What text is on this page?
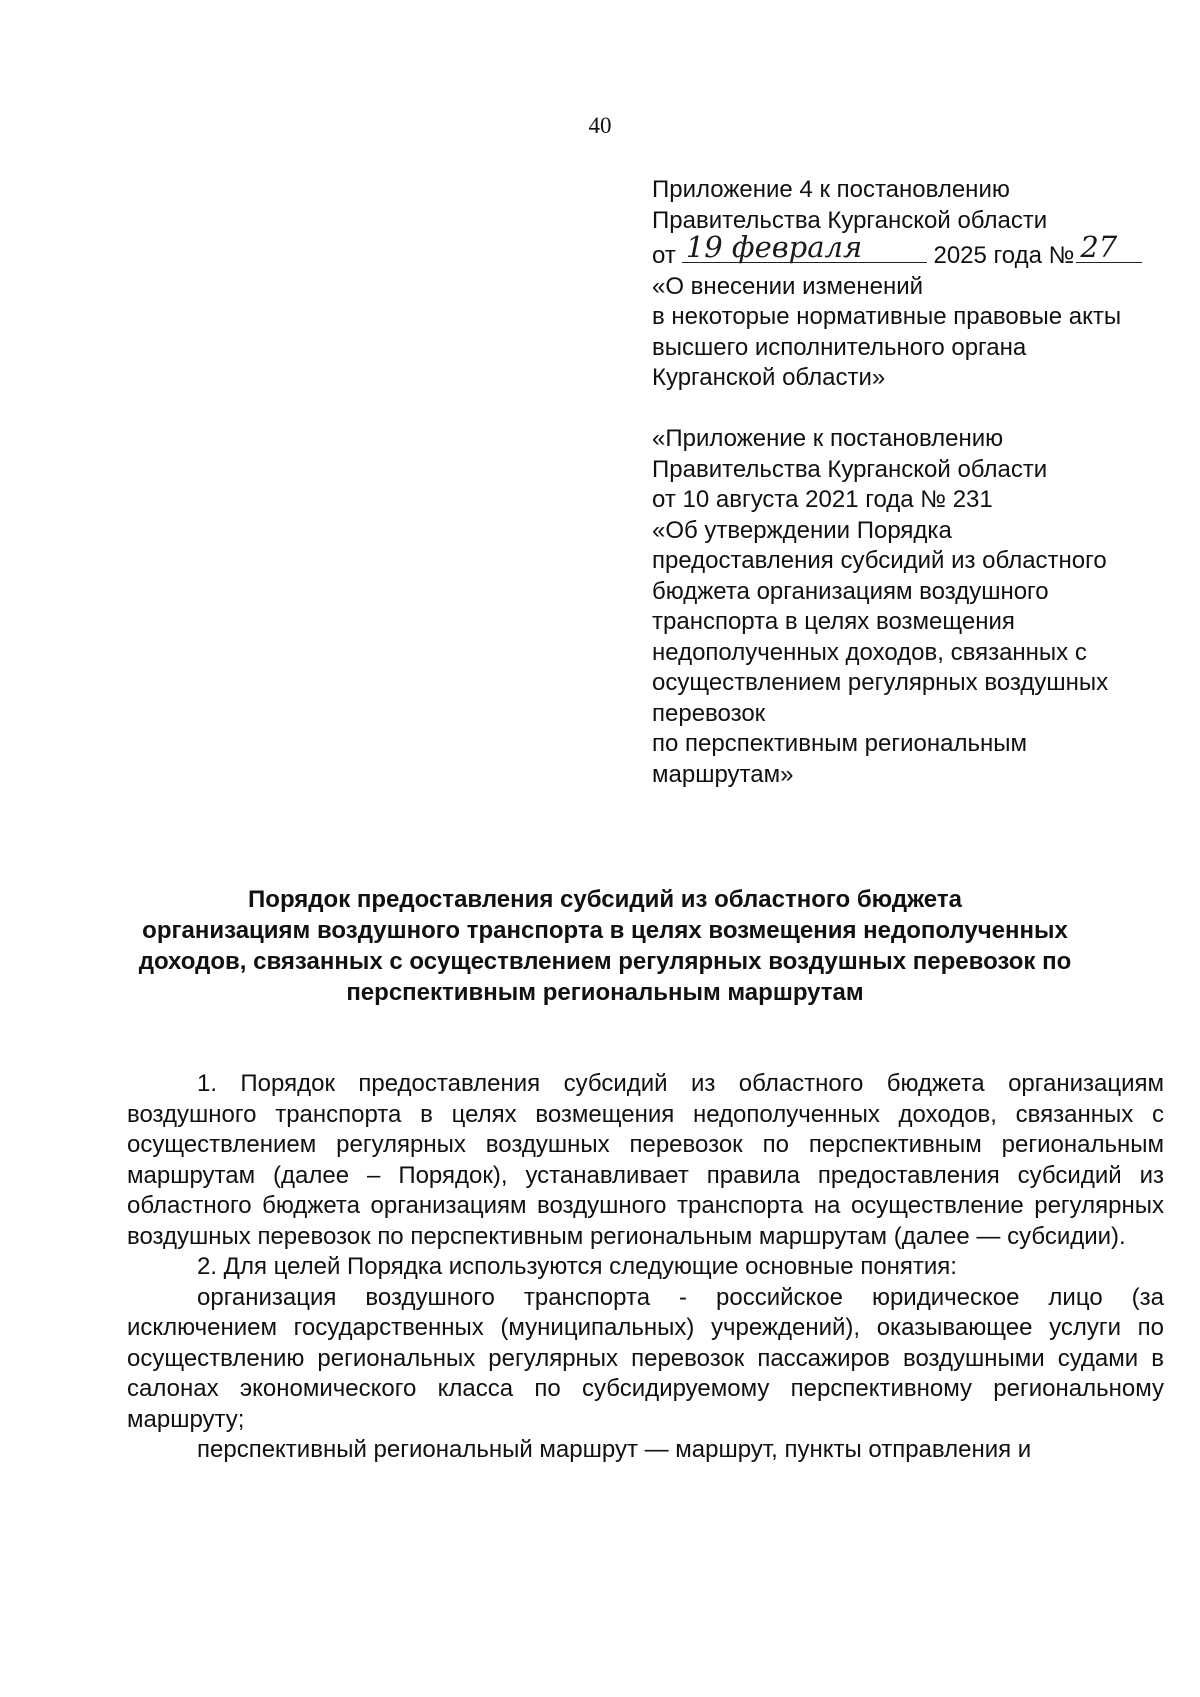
40
Приложение 4 к постановлению
Правительства Курганской области
от 19 февраля	2025 года № 27
«О внесении изменений
в некоторые нормативные правовые акты
высшего исполнительного органа
Курганской области»
«Приложение к постановлению
Правительства Курганской области
от 10 августа 2021 года № 231
«Об утверждении Порядка
предоставления субсидий из областного
бюджета организациям воздушного
транспорта в целях возмещения
недополученных доходов, связанных с
осуществлением регулярных воздушных
перевозок
по перспективным региональным
маршрутам»
Порядок предоставления субсидий из областного бюджета
организациям воздушного транспорта в целях возмещения недополученных
доходов, связанных с осуществлением регулярных воздушных перевозок по
перспективным региональным маршрутам

1. Порядок предоставления субсидий из областного бюджета организациям воздушного транспорта в целях возмещения недополученных доходов, связанных с осуществлением регулярных воздушных перевозок по перспективным региональным маршрутам (далее – Порядок), устанавливает правила предоставления субсидий из областного бюджета организациям воздушного транспорта на осуществление регулярных воздушных перевозок по перспективным региональным маршрутам (далее — субсидии).

2. Для целей Порядка используются следующие основные понятия:

организация воздушного транспорта - российское юридическое лицо (за исключением государственных (муниципальных) учреждений), оказывающее услуги по осуществлению региональных регулярных перевозок пассажиров воздушными судами в салонах экономического класса по субсидируемому перспективному региональному маршруту;

перспективный региональный маршрут — маршрут, пункты отправления и
